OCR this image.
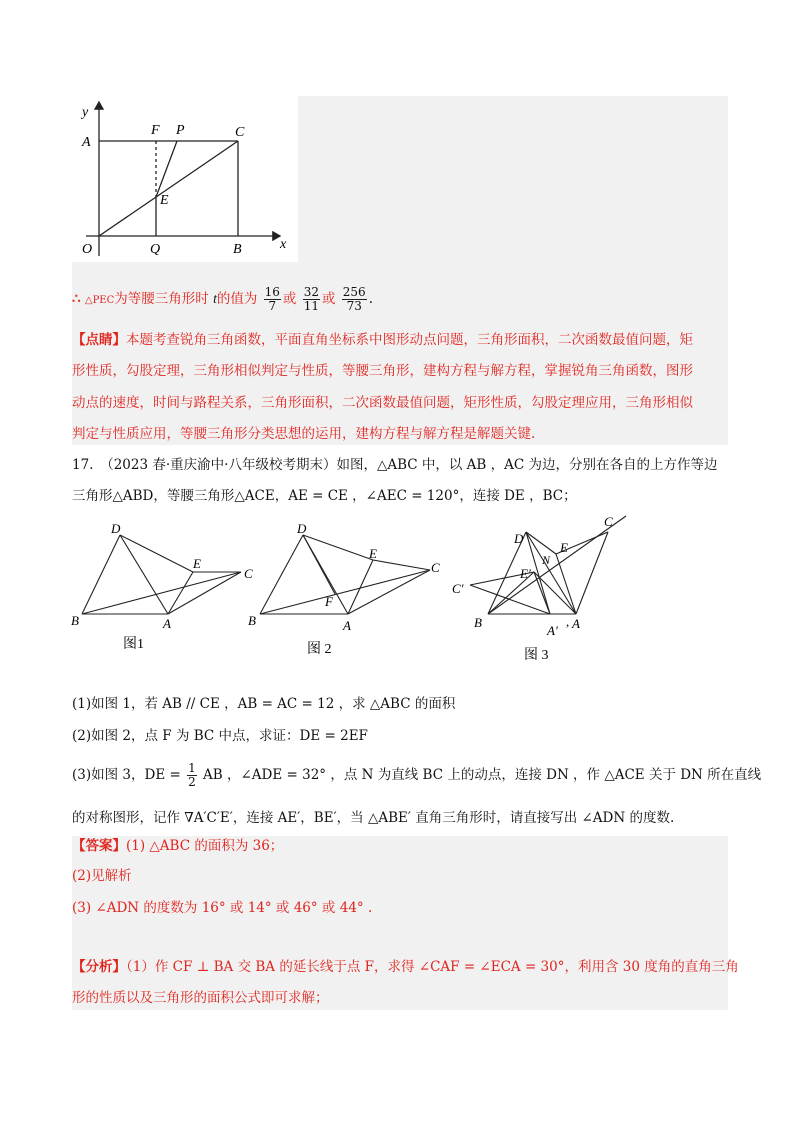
y
x
A
F P	C
E
O	Q	B
∴ △PEC为等腰三角形时 t的值为 $\frac{16}{7}$ 或 $\frac{32}{11}$ 或 $\frac{256}{73}$ .
【点睛】本题考查锐角三角函数，平面直角坐标系中图形动点问题，三角形面积，二次函数最值问题，矩
形性质，勾股定理，三角形相似判定与性质，等腰三角形，建构方程与解方程，掌握锐角三角函数，图形
动点的速度，时间与路程关系，三角形面积，二次函数最值问题，矩形性质，勾股定理应用，三角形相似
判定与性质应用，等腰三角形分类思想的运用，建构方程与解方程是解题关键.
17.　（2023 春·重庆渝中·八年级校考期末）如图，△ABC 中，以 AB ，AC 为边，分别在各自的上方作等边
三角形△ABD，等腰三角形△ACE，AE = CE ，∠AEC = 120°，连接 DE ，BC；
D
E
C
B	A
图1
D
E
C
F
B	A
图 2
C
D
E
N
E′
C′
B
A′
, A
图 3
(1)如图 1，若 AB // CE ，AB = AC = 12 ，求 △ABC 的面积
(2)如图 2，点 F 为 BC 中点，求证：DE = 2EF
(3)如图 3，DE = $\frac{1}{2}$ AB ，∠ADE = 32° ，点 N 为直线 BC 上的动点，连接 DN ，作 △ACE 关于 DN 所在直线
的对称图形，记作 ∇A′C′E′，连接 AE′，BE′，当 △ABE′ 直角三角形时，请直接写出 ∠ADN 的度数.
【答案】(1) △ABC 的面积为 36；
(2)见解析
(3) ∠ADN 的度数为 16° 或 14° 或 46° 或 44° .
【分析】（1）作 CF ⊥ BA 交 BA 的延长线于点 F，求得 ∠CAF = ∠ECA = 30°，利用含 30 度角的直角三角
形的性质以及三角形的面积公式即可求解；
